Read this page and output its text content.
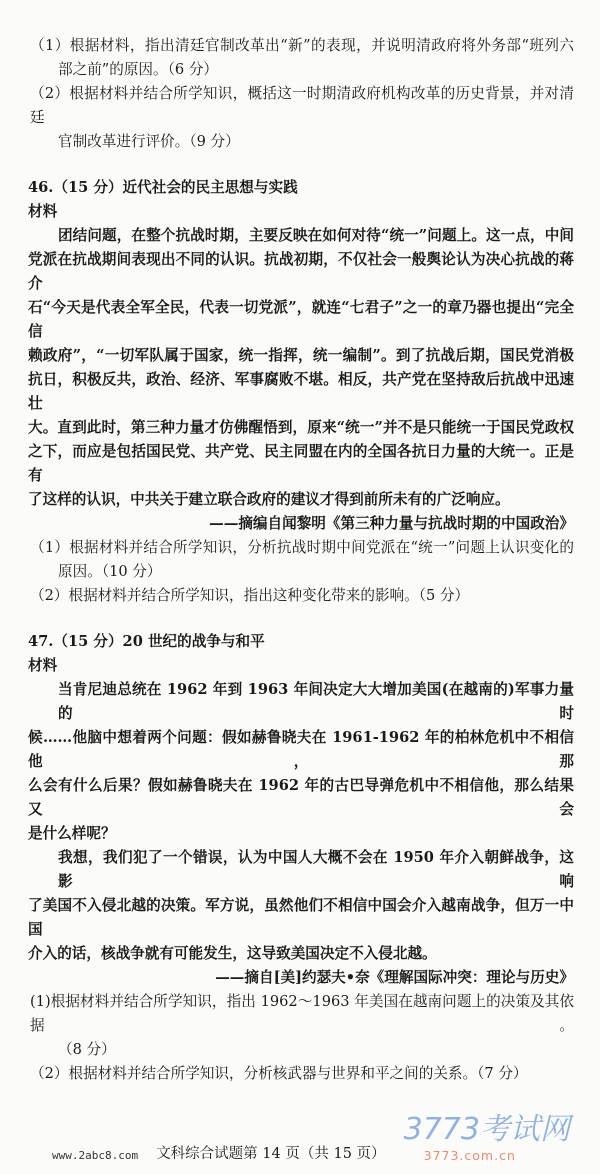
（1）根据材料，指出清廷官制改革出“新”的表现，并说明清政府将外务部“班列六
部之前”的原因。（6 分）
（2）根据材料并结合所学知识，概括这一时期清政府机构改革的历史背景，并对清廷
官制改革进行评价。（9 分）
46.（15 分）近代社会的民主思想与实践
材料
团结问题，在整个抗战时期，主要反映在如何对待“统一”问题上。这一点，中间
党派在抗战期间表现出不同的认识。抗战初期，不仅社会一般舆论认为决心抗战的蒋介
石“今天是代表全军全民，代表一切党派”，就连“七君子”之一的章乃器也提出“完全信
赖政府”，“一切军队属于国家，统一指挥，统一编制”。到了抗战后期，国民党消极
抗日，积极反共，政治、经济、军事腐败不堪。相反，共产党在坚持敌后抗战中迅速壮
大。直到此时，第三种力量才仿佛醒悟到，原来“统一”并不是只能统一于国民党政权
之下，而应是包括国民党、共产党、民主同盟在内的全国各抗日力量的大统一。正是有
了这样的认识，中共关于建立联合政府的建议才得到前所未有的广泛响应。
——摘编自闻黎明《第三种力量与抗战时期的中国政治》
（1）根据材料并结合所学知识，分析抗战时期中间党派在“统一”问题上认识变化的
原因。（10 分）
（2）根据材料并结合所学知识，指出这种变化带来的影响。（5 分）
47.（15 分）20 世纪的战争与和平
材料
当肯尼迪总统在 1962 年到 1963 年间决定大大增加美国(在越南的)军事力量的时
候……他脑中想着两个问题：假如赫鲁晓夫在 1961-1962 年的柏林危机中不相信他，那
么会有什么后果？假如赫鲁晓夫在 1962 年的古巴导弹危机中不相信他，那么结果又会
是什么样呢？
我想，我们犯了一个错误，认为中国人大概不会在 1950 年介入朝鲜战争，这影响
了美国不入侵北越的决策。军方说，虽然他们不相信中国会介入越南战争，但万一中国
介入的话，核战争就有可能发生，这导致美国决定不入侵北越。
——摘自[美]约瑟夫•奈《理解国际冲突：理论与历史》
(1)根据材料并结合所学知识，指出 1962～1963 年美国在越南问题上的决策及其依据。
（8 分）
（2）根据材料并结合所学知识，分析核武器与世界和平之间的关系。（7 分）
www.2abc8.com 文科综合试题第 14 页（共 15 页）
3773考试网
3773.com.cn
